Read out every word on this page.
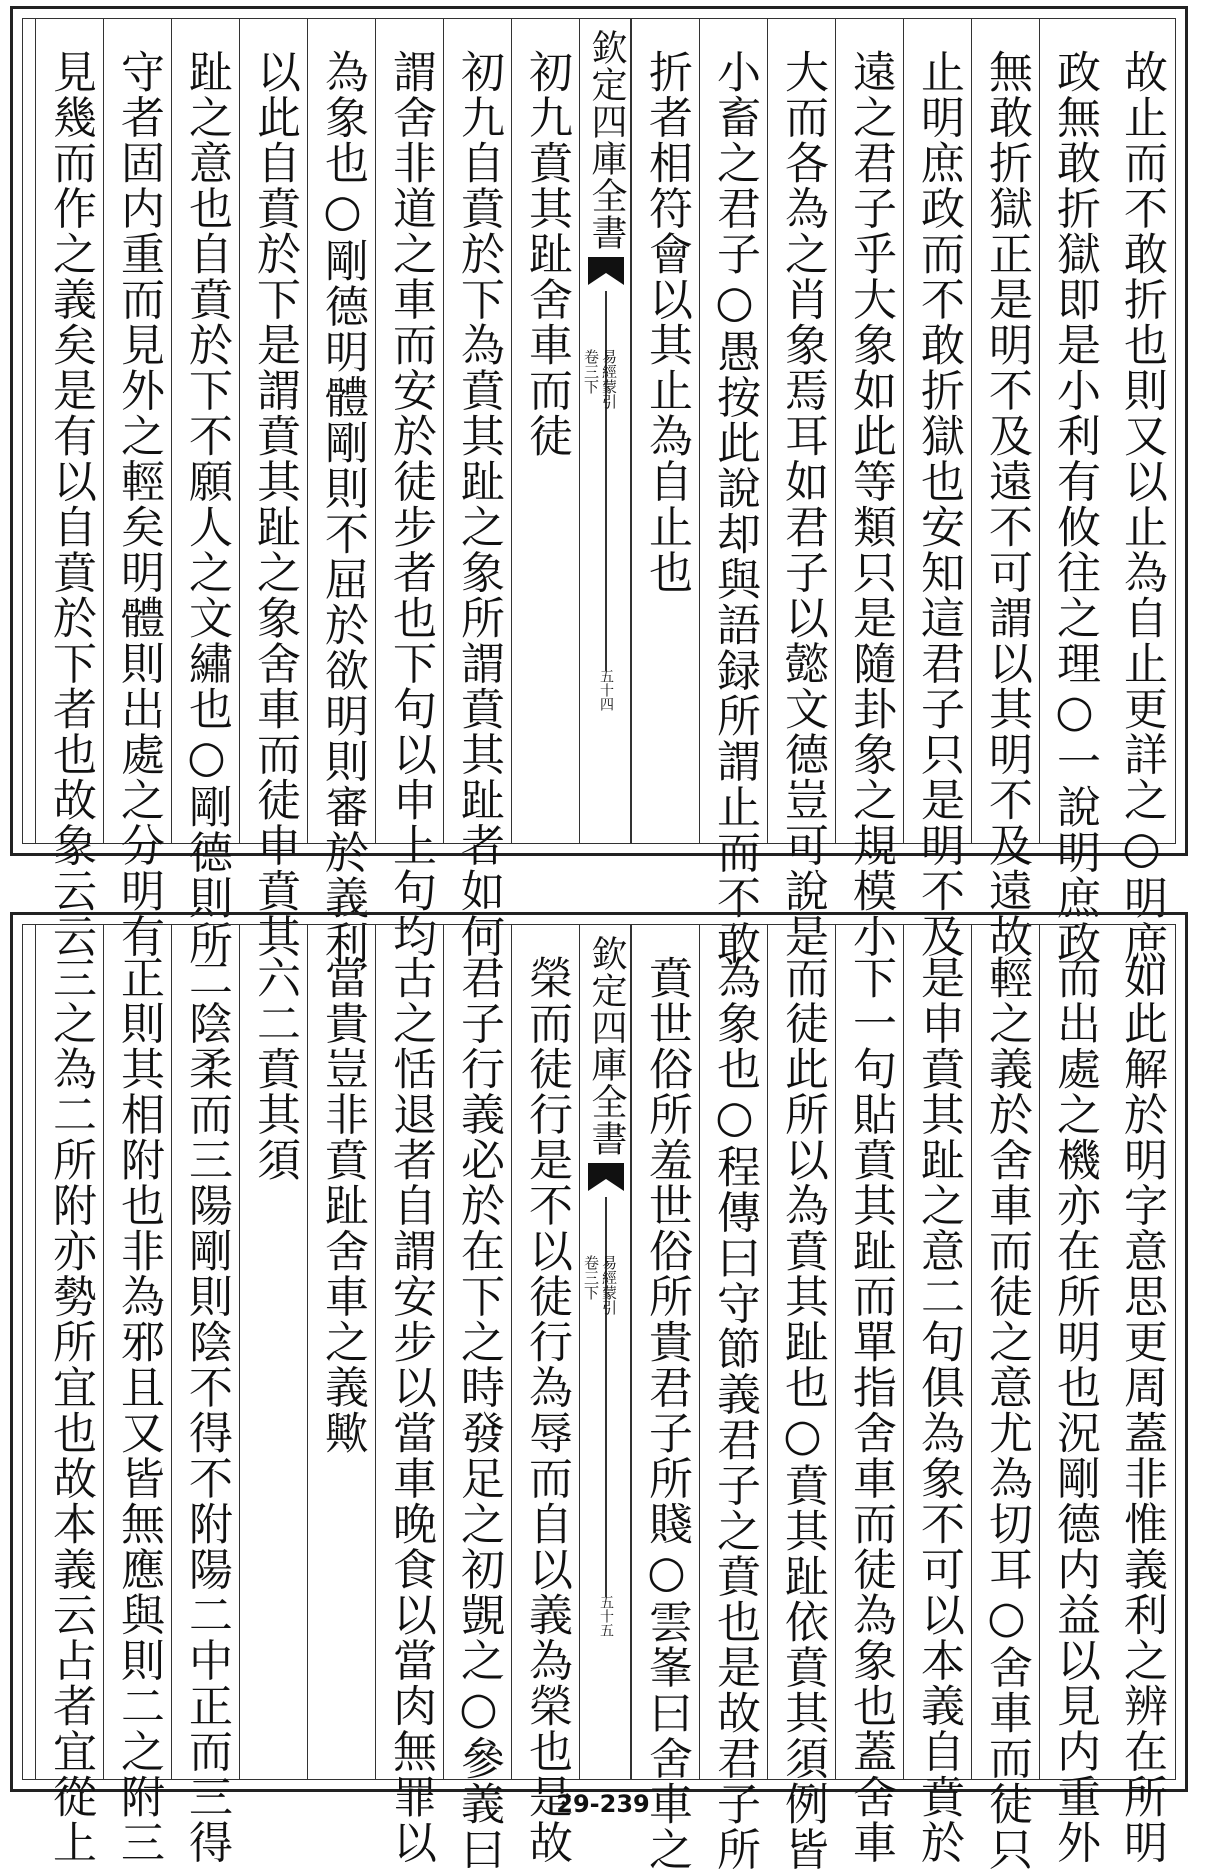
故止而不敢折也則又以止為自止更詳之○明庶
政無敢折獄即是小利有攸往之理○一說明庶政
無敢折獄正是明不及遠不可謂以其明不及遠故
止明庶政而不敢折獄也安知這君子只是明不及
遠之君子乎大象如此等類只是隨卦象之規模小
大而各為之肖象焉耳如君子以懿文德豈可說是
小畜之君子○愚按此說却與語録所謂止而不敢
折者相符會以其止為自止也
欽定四庫全書
易經蒙引
卷三下
五十四
初九賁其趾舍車而徒
初九自賁於下為賁其趾之象所謂賁其趾者如何
謂舍非道之車而安於徒步者也下句以申上句均
為象也○剛德明體剛則不屈於欲明則審於義利
以此自賁於下是謂賁其趾之象舍車而徒申賁其
趾之意也自賁於下不願人之文繡也○剛德則所
守者固内重而見外之輕矣明體則出處之分明有
見幾而作之義矣是有以自賁於下者也故象云云
如此解於明字意思更周蓋非惟義利之辨在所明
而出處之機亦在所明也況剛德内益以見内重外
輕之義於舍車而徒之意尤為切耳○舍車而徒只
是申賁其趾之意二句俱為象不可以本義自賁於
下一句貼賁其趾而單指舍車而徒為象也蓋舍車
而徒此所以為賁其趾也○賁其趾依賁其須例皆
為象也○程傳曰守節義君子之賁也是故君子所
賁世俗所羞世俗所貴君子所賤○雲峯曰舍車之
欽定四庫全書
易經蒙引
卷三下
五十五
榮而徒行是不以徒行為辱而自以義為榮也是故
君子行義必於在下之時發足之初覬之○參義曰
古之恬退者自謂安步以當車晚食以當肉無罪以
當貴豈非賁趾舍車之義歟
六二賁其須
二陰柔而三陽剛則陰不得不附陽二中正而三得
正則其相附也非為邪且又皆無應與則二之附三
三之為二所附亦勢所宜也故本義云占者宜從上	29-239
